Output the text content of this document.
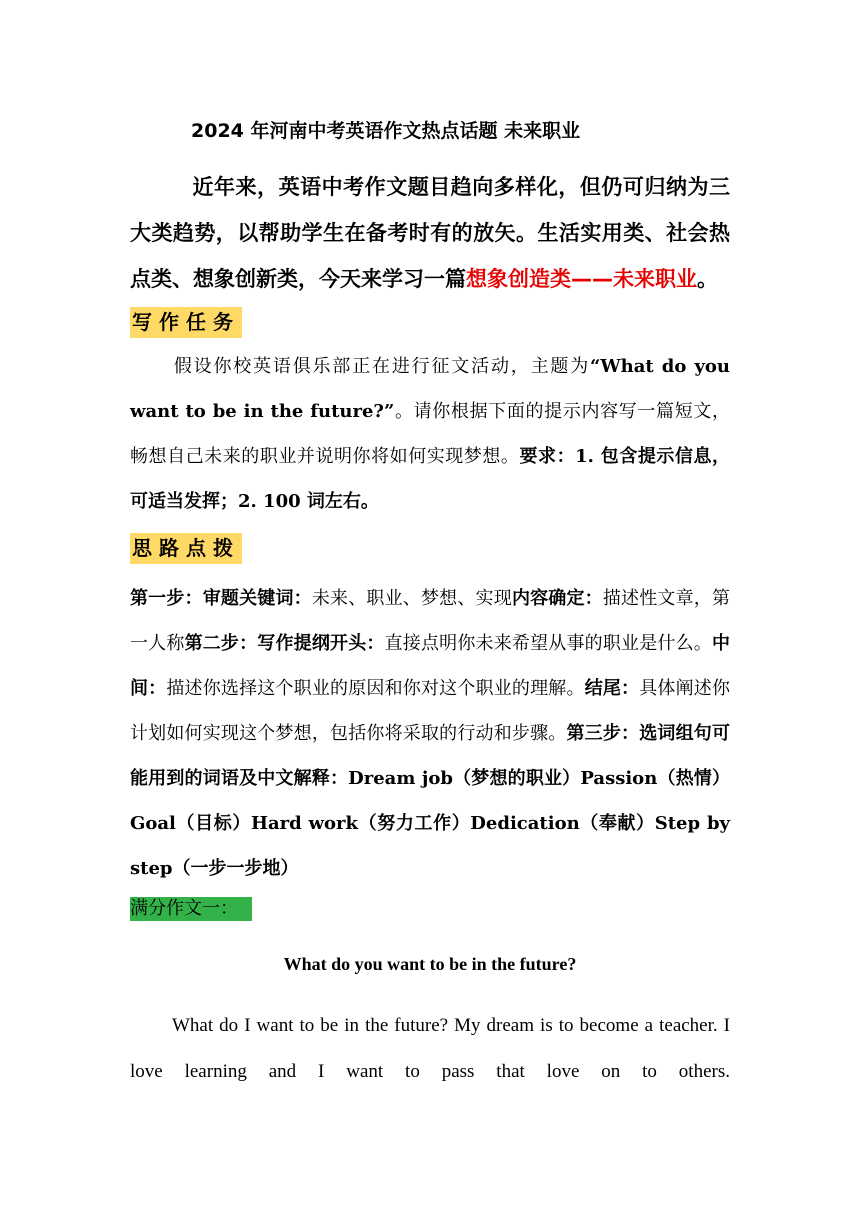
2024 年河南中考英语作文热点话题 未来职业
近年来，英语中考作文题目趋向多样化，但仍可归纳为三大类趋势，以帮助学生在备考时有的放矢。生活实用类、社会热点类、想象创新类，今天来学习一篇想象创造类——未来职业。
写作任务
假设你校英语俱乐部正在进行征文活动，主题为“What do you want to be in the future?”。请你根据下面的提示内容写一篇短文，畅想自己未来的职业并说明你将如何实现梦想。要求：1. 包含提示信息，可适当发挥；2. 100 词左右。
思路点拨
第一步：审题关键词：未来、职业、梦想、实现内容确定：描述性文章，第一人称第二步：写作提纲开头：直接点明你未来希望从事的职业是什么。中间：描述你选择这个职业的原因和你对这个职业的理解。结尾：具体阐述你计划如何实现这个梦想，包括你将采取的行动和步骤。第三步：选词组句可能用到的词语及中文解释：Dream job（梦想的职业）Passion（热情）Goal（目标）Hard work（努力工作）Dedication（奉献）Step by step（一步一步地）
满分作文一：
What do you want to be in the future?
What do I want to be in the future? My dream is to become a teacher. I love learning and I want to pass that love on to others.
